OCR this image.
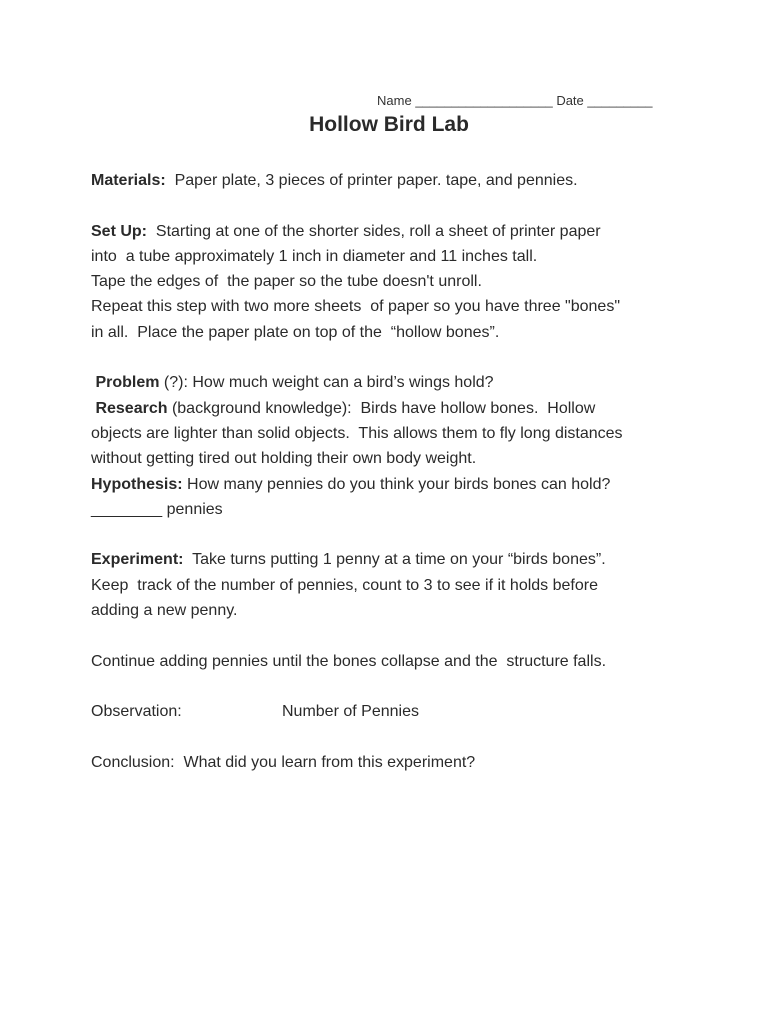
Name ___________________ Date _________
Hollow Bird Lab
Materials:  Paper plate, 3 pieces of printer paper. tape, and pennies.
Set Up:  Starting at one of the shorter sides, roll a sheet of printer paper
into  a tube approximately 1 inch in diameter and 11 inches tall.
Tape the edges of  the paper so the tube doesn't unroll.
Repeat this step with two more sheets  of paper so you have three "bones"
in all.  Place the paper plate on top of the  “hollow bones”.
Problem (?): How much weight can a bird’s wings hold?
Research (background knowledge):  Birds have hollow bones.  Hollow
objects are lighter than solid objects.  This allows them to fly long distances
without getting tired out holding their own body weight.
Hypothesis: How many pennies do you think your birds bones can hold?
________ pennies
Experiment:  Take turns putting 1 penny at a time on your “birds bones”.
Keep  track of the number of pennies, count to 3 to see if it holds before
adding a new penny.
Continue adding pennies until the bones collapse and the  structure falls.
Observation:	Number of Pennies
Conclusion:  What did you learn from this experiment?
